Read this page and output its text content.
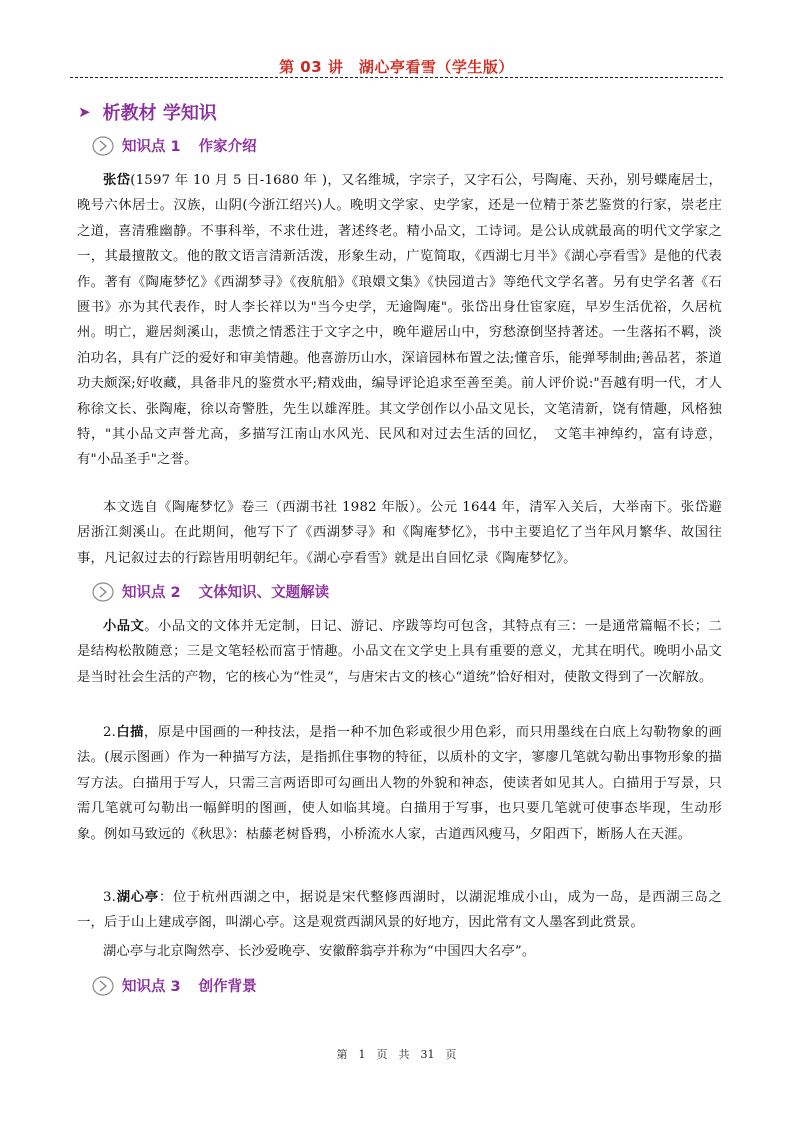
第 03 讲　湖心亭看雪（学生版）
➤ 析教材 学知识
知识点 1 作家介绍

张岱(1597 年 10 月 5 日-1680 年 )，又名维城，字宗子，又字石公，号陶庵、天孙，别号蝶庵居士，晚号六休居士。汉族，山阴(今浙江绍兴)人。晚明文学家、史学家，还是一位精于茶艺鉴赏的行家，崇老庄之道，喜清雅幽静。不事科举，不求仕进，著述终老。精小品文，工诗词。是公认成就最高的明代文学家之一，其最擅散文。他的散文语言清新活泼，形象生动，广览简取，《西湖七月半》《湖心亭看雪》是他的代表作。著有《陶庵梦忆》《西湖梦寻》《夜航船》《琅嬛文集》《快园道古》等绝代文学名著。另有史学名著《石匮书》亦为其代表作，时人李长祥以为"当今史学，无逾陶庵"。张岱出身仕宦家庭，早岁生活优裕，久居杭州。明亡，避居剡溪山，悲愤之情悉注于文字之中，晚年避居山中，穷愁潦倒坚持著述。一生落拓不羁，淡泊功名，具有广泛的爱好和审美情趣。他喜游历山水，深谙园林布置之法;懂音乐，能弹琴制曲;善品茗，茶道功夫颇深;好收藏，具备非凡的鉴赏水平;精戏曲，编导评论追求至善至美。前人评价说:"吾越有明一代，才人称徐文长、张陶庵，徐以奇警胜，先生以雄浑胜。其文学创作以小品文见长，文笔清新，饶有情趣，风格独特，"其小品文声誉尤高，多描写江南山水风光、民风和对过去生活的回忆，　文笔丰神绰约，富有诗意，有"小品圣手"之誉。

本文选自《陶庵梦忆》卷三（西湖书社 1982 年版）。公元 1644 年，清军入关后，大举南下。张岱避居浙江剡溪山。在此期间，他写下了《西湖梦寻》和《陶庵梦忆》，书中主要追忆了当年风月繁华、故国往事，凡记叙过去的行踪皆用明朝纪年。《湖心亭看雪》就是出自回忆录《陶庵梦忆》。

知识点 2 文体知识、文题解读

小品文。小品文的文体并无定制，日记、游记、序跋等均可包含，其特点有三：一是通常篇幅不长；二是结构松散随意；三是文笔轻松而富于情趣。小品文在文学史上具有重要的意义，尤其在明代。晚明小品文是当时社会生活的产物，它的核心为“性灵”，与唐宋古文的核心“道统”恰好相对，使散文得到了一次解放。

2.白描，原是中国画的一种技法，是指一种不加色彩或很少用色彩，而只用墨线在白底上勾勒物象的画法。(展示图画）作为一种描写方法，是指抓住事物的特征，以质朴的文字，寥廖几笔就勾勒出事物形象的描写方法。白描用于写人，只需三言两语即可勾画出人物的外貌和神态，使读者如见其人。白描用于写景，只需几笔就可勾勒出一幅鲜明的图画，使人如临其境。白描用于写事，也只要几笔就可使事态毕现，生动形象。例如马致远的《秋思》：枯藤老树昏鸦，小桥流水人家，古道西风瘦马，夕阳西下，断肠人在天涯。

3.湖心亭：位于杭州西湖之中，据说是宋代整修西湖时，以湖泥堆成小山，成为一岛，是西湖三岛之一，后于山上建成亭阁，叫湖心亭。这是观赏西湖风景的好地方，因此常有文人墨客到此赏景。

湖心亭与北京陶然亭、长沙爱晚亭、安徽醉翁亭并称为“中国四大名亭”。

知识点 3 创作背景
第　1　页　共　31　页
